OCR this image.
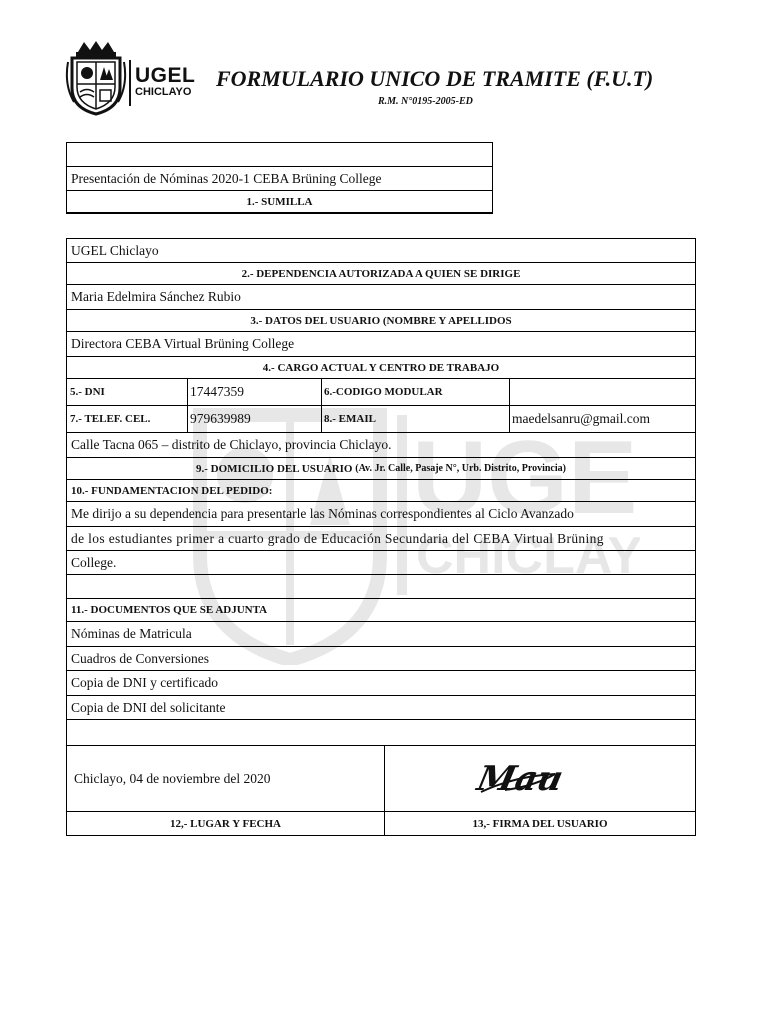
UGEL
CHICLAYO
FORMULARIO UNICO DE TRAMITE (F.U.T)
R.M. N°0195-2005-ED
UGE
CHICLAY
Presentación de Nóminas 2020-1 CEBA Brüning College
1.- SUMILLA
UGEL Chiclayo
2.- DEPENDENCIA AUTORIZADA A QUIEN SE DIRIGE
Maria Edelmira Sánchez Rubio
3.- DATOS DEL USUARIO (NOMBRE Y APELLIDOS
Directora CEBA Virtual Brüning College
4.- CARGO ACTUAL Y CENTRO DE TRABAJO
5.- DNI	17447359	6.-CODIGO MODULAR
7.- TELEF. CEL.	979639989	8.- EMAIL	maedelsanru@gmail.com
Calle Tacna 065 – distrito de Chiclayo, provincia Chiclayo.
9.- DOMICILIO DEL USUARIO
(Av. Jr. Calle, Pasaje N°, Urb. Distrito, Provincia)
10.- FUNDAMENTACION DEL PEDIDO:
Me dirijo a su dependencia para presentarle las Nóminas correspondientes al Ciclo Avanzado
de los estudiantes primer a cuarto grado de Educación Secundaria del CEBA Virtual Brüning
College.
11.- DOCUMENTOS QUE SE ADJUNTA
Nóminas de Matricula
Cuadros de Conversiones
Copia de DNI y certificado
Copia de DNI del solicitante
Chiclayo, 04 de noviembre del 2020	Mau
12,- LUGAR Y FECHA	13,- FIRMA DEL USUARIO
